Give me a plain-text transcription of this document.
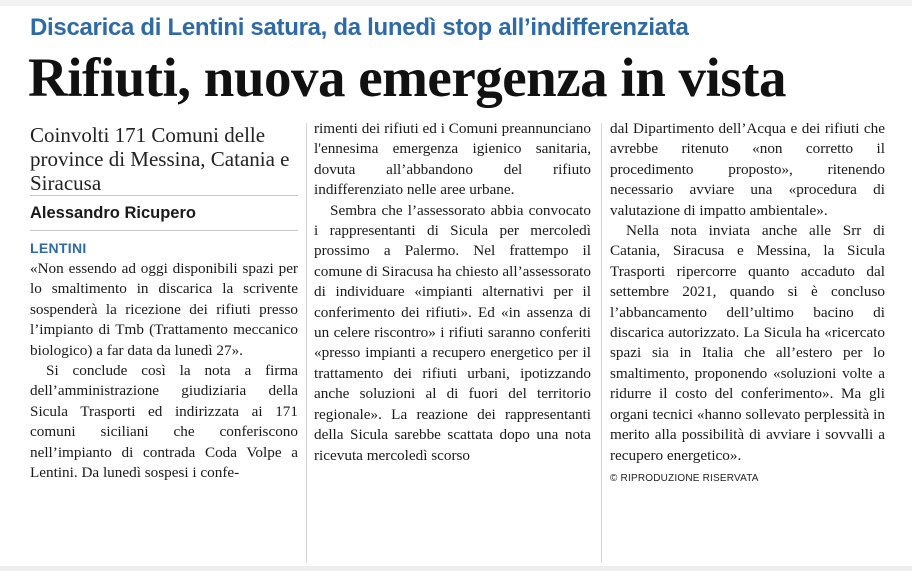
Discarica di Lentini satura, da lunedì stop all’indifferenziata
Rifiuti, nuova emergenza in vista

Coinvolti 171 Comuni delle province di Messina, Catania e Siracusa

Alessandro Ricupero
LENTINI

«Non essendo ad oggi disponibili spazi per lo smaltimento in discarica la scrivente sospenderà la ricezione dei rifiuti presso l’impianto di Tmb (Trattamento meccanico biologico) a far data da lunedì 27».

Si conclude così la nota a firma dell’amministrazione giudiziaria della Sicula Trasporti ed indirizzata ai 171 comuni siciliani che conferiscono nell’impianto di contrada Coda Volpe a Lentini. Da lunedì sospesi i confe-

rimenti dei rifiuti ed i Comuni preannunciano l'ennesima emergenza igienico sanitaria, dovuta all’abbandono del rifiuto indifferenziato nelle aree urbane.

Sembra che l’assessorato abbia convocato i rappresentanti di Sicula per mercoledì prossimo a Palermo. Nel frattempo il comune di Siracusa ha chiesto all’assessorato di individuare «impianti alternativi per il conferimento dei rifiuti». Ed «in assenza di un celere riscontro» i rifiuti saranno conferiti «presso impianti a recupero energetico per il trattamento dei rifiuti urbani, ipotizzando anche soluzioni al di fuori del territorio regionale». La reazione dei rappresentanti della Sicula sarebbe scattata dopo una nota ricevuta mercoledì scorso

dal Dipartimento dell’Acqua e dei rifiuti che avrebbe ritenuto «non corretto il procedimento proposto», ritenendo necessario avviare una «procedura di valutazione di impatto ambientale».

Nella nota inviata anche alle Srr di Catania, Siracusa e Messina, la Sicula Trasporti ripercorre quanto accaduto dal settembre 2021, quando si è concluso l’abbancamento dell’ultimo bacino di discarica autorizzato. La Sicula ha «ricercato spazi sia in Italia che all’estero per lo smaltimento, proponendo «soluzioni volte a ridurre il costo del conferimento». Ma gli organi tecnici «hanno sollevato perplessità in merito alla possibilità di avviare i sovvalli a recupero energetico».

© RIPRODUZIONE RISERVATA
